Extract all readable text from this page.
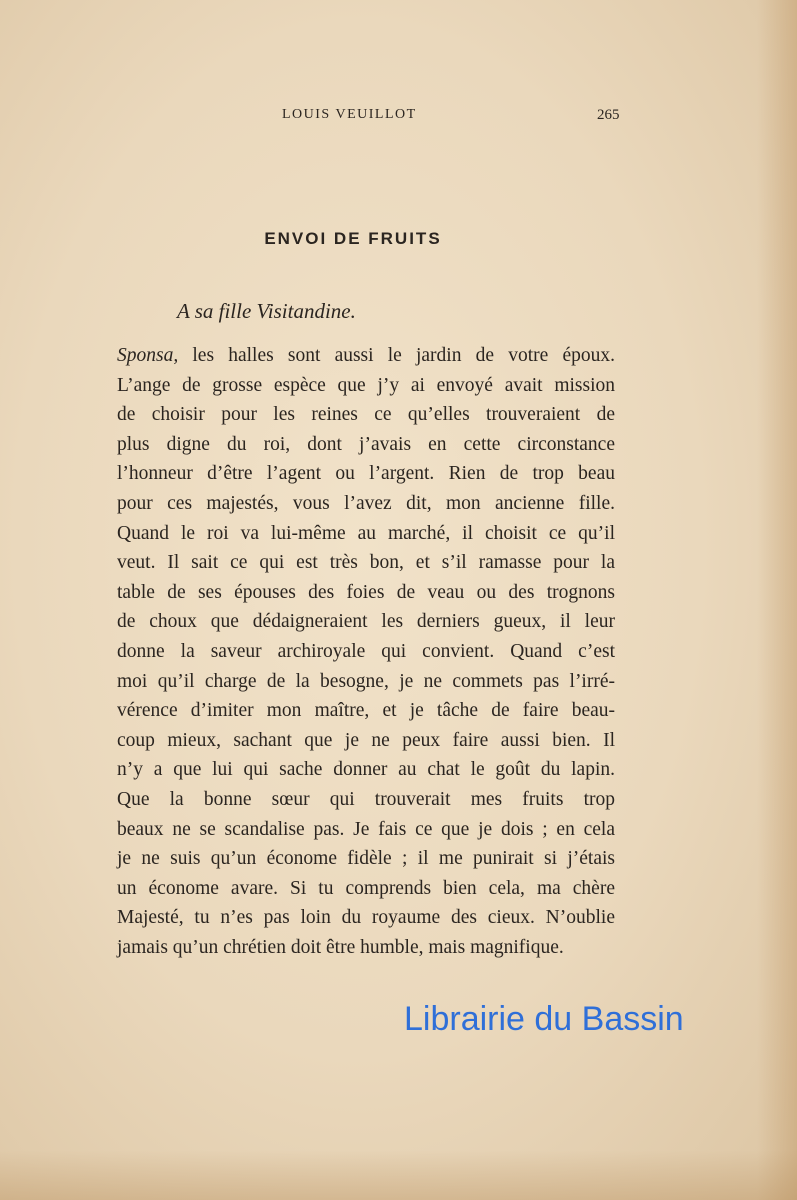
LOUIS VEUILLOT	265
ENVOI DE FRUITS
A sa fille Visitandine.

Sponsa, les halles sont aussi le jardin de votre époux.
L’ange de grosse espèce que j’y ai envoyé avait mission
de choisir pour les reines ce qu’elles trouveraient de
plus digne du roi, dont j’avais en cette circonstance
l’honneur d’être l’agent ou l’argent. Rien de trop beau
pour ces majestés, vous l’avez dit, mon ancienne fille.
Quand le roi va lui-même au marché, il choisit ce qu’il
veut. Il sait ce qui est très bon, et s’il ramasse pour la
table de ses épouses des foies de veau ou des trognons
de choux que dédaigneraient les derniers gueux, il leur
donne la saveur archiroyale qui convient. Quand c’est
moi qu’il charge de la besogne, je ne commets pas l’irré-
vérence d’imiter mon maître, et je tâche de faire beau-
coup mieux, sachant que je ne peux faire aussi bien. Il
n’y a que lui qui sache donner au chat le goût du lapin.

Que la bonne sœur qui trouverait mes fruits trop
beaux ne se scandalise pas. Je fais ce que je dois ; en cela
je ne suis qu’un économe fidèle ; il me punirait si j’étais
un économe avare. Si tu comprends bien cela, ma chère
Majesté, tu n’es pas loin du royaume des cieux. N’oublie
jamais qu’un chrétien doit être humble, mais magnifique.

Librairie du Bassin
